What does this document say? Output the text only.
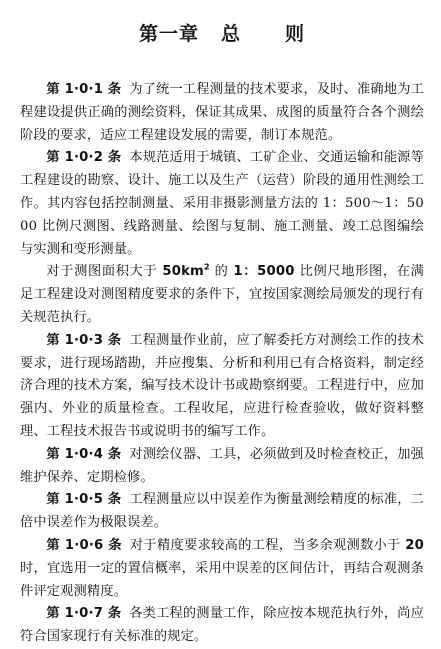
第一章 总 则

第 1·0·1 条 为了统一工程测量的技术要求，及时、准确地为工程建设提供正确的测绘资料，保证其成果、成图的质量符合各个测绘阶段的要求，适应工程建设发展的需要，制订本规范。

第 1·0·2 条 本规范适用于城镇、工矿企业、交通运输和能源等工程建设的勘察、设计、施工以及生产（运营）阶段的通用性测绘工作。其内容包括控制测量、采用非摄影测量方法的 1：500～1：5000 比例尺测图、线路测量、绘图与复制、施工测量、竣工总图编绘与实测和变形测量。

对于测图面积大于 $50km^2$ 的 1：5000 比例尺地形图，在满足工程建设对测图精度要求的条件下，宜按国家测绘局颁发的现行有关规范执行。

第 1·0·3 条 工程测量作业前，应了解委托方对测绘工作的技术要求，进行现场踏勘，并应搜集、分析和利用已有合格资料，制定经济合理的技术方案，编写技术设计书或勘察纲要。工程进行中，应加强内、外业的质量检查。工程收尾，应进行检查验收，做好资料整理、工程技术报告书或说明书的编写工作。

第 1·0·4 条 对测绘仪器、工具，必须做到及时检查校正，加强维护保养、定期检修。

第 1·0·5 条 工程测量应以中误差作为衡量测绘精度的标准，二倍中误差作为极限误差。

第 1·0·6 条 对于精度要求较高的工程，当多余观测数小于 20 时，宜选用一定的置信概率，采用中误差的区间估计，再结合观测条件评定观测精度。

第 1·0·7 条 各类工程的测量工作，除应按本规范执行外，尚应符合国家现行有关标准的规定。
